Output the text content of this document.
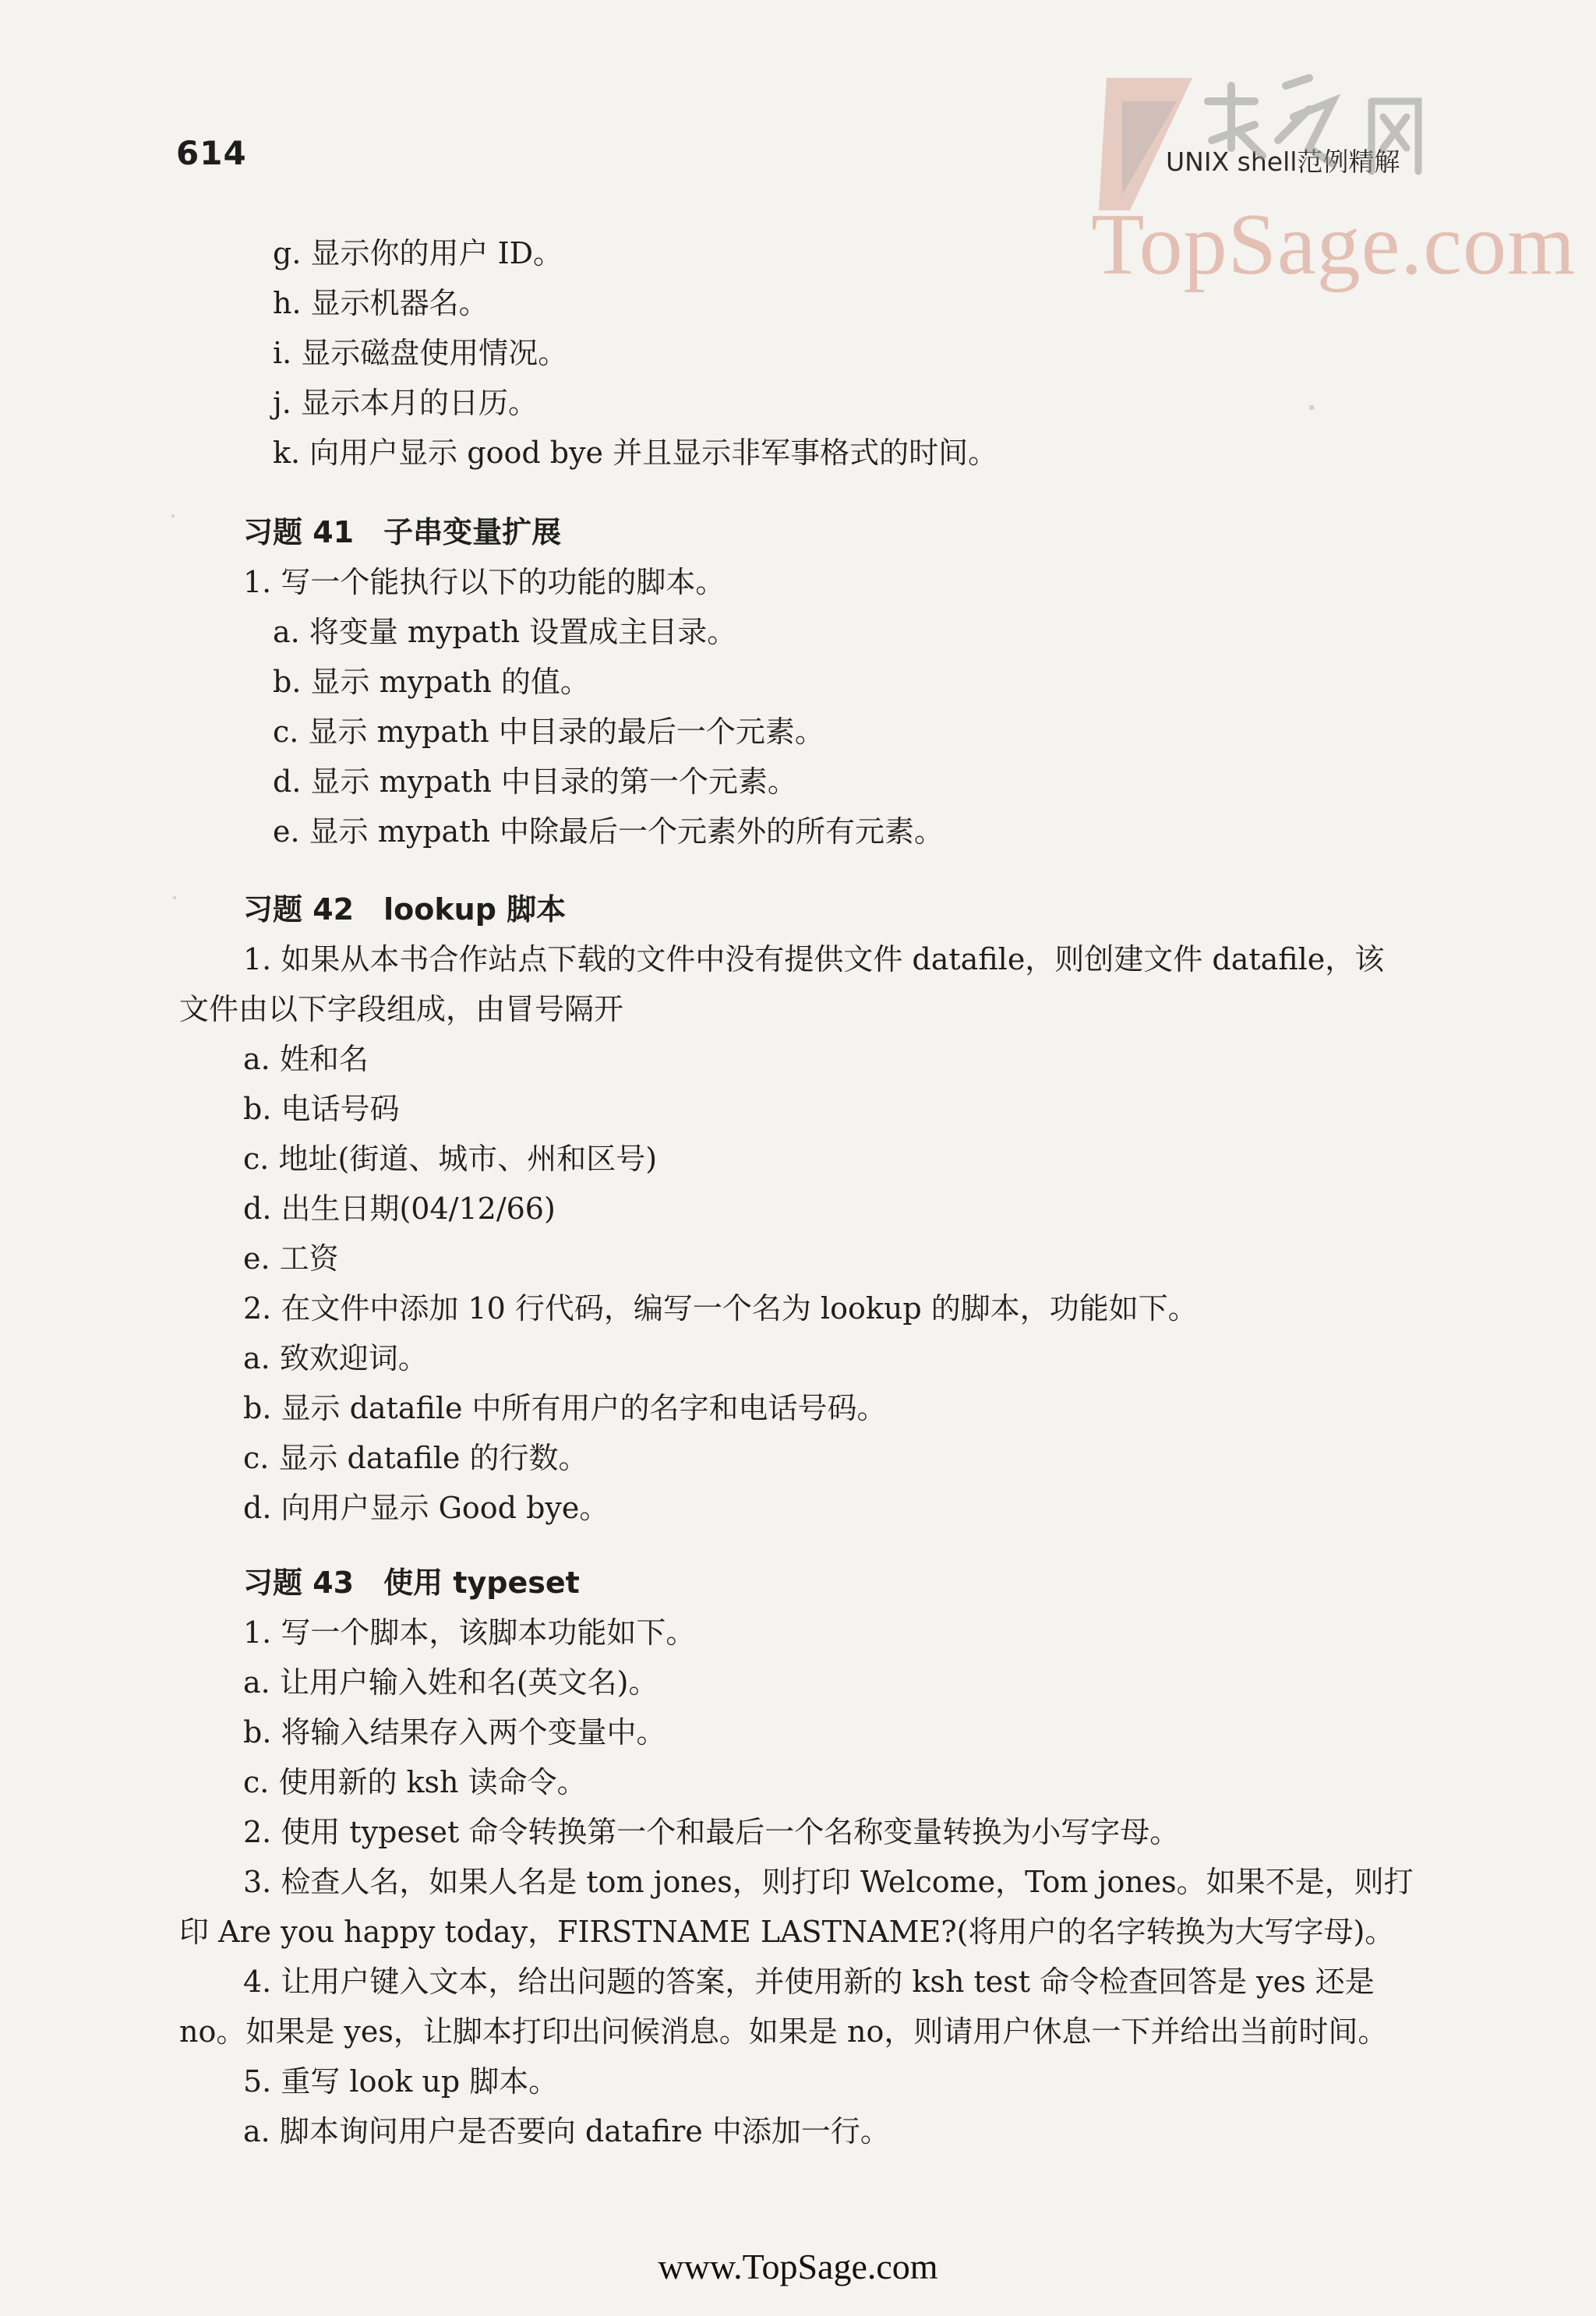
614	UNIX shell范例精解
TopSage.com
g. 显示你的用户 ID。
h. 显示机器名。
i. 显示磁盘使用情况。
j. 显示本月的日历。
k. 向用户显示 good bye 并且显示非军事格式的时间。
习题 41 子串变量扩展
1. 写一个能执行以下的功能的脚本。
a. 将变量 mypath 设置成主目录。
b. 显示 mypath 的值。
c. 显示 mypath 中目录的最后一个元素。
d. 显示 mypath 中目录的第一个元素。
e. 显示 mypath 中除最后一个元素外的所有元素。
习题 42 lookup 脚本
1. 如果从本书合作站点下载的文件中没有提供文件 datafile，则创建文件 datafile，该
文件由以下字段组成，由冒号隔开
a. 姓和名
b. 电话号码
c. 地址(街道、城市、州和区号)
d. 出生日期(04/12/66)
e. 工资
2. 在文件中添加 10 行代码，编写一个名为 lookup 的脚本，功能如下。
a. 致欢迎词。
b. 显示 datafile 中所有用户的名字和电话号码。
c. 显示 datafile 的行数。
d. 向用户显示 Good bye。
习题 43 使用 typeset
1. 写一个脚本，该脚本功能如下。
a. 让用户输入姓和名(英文名)。
b. 将输入结果存入两个变量中。
c. 使用新的 ksh 读命令。
2. 使用 typeset 命令转换第一个和最后一个名称变量转换为小写字母。
3. 检查人名，如果人名是 tom jones，则打印 Welcome，Tom jones。如果不是，则打
印 Are you happy today，FIRSTNAME LASTNAME?(将用户的名字转换为大写字母)。
4. 让用户键入文本，给出问题的答案，并使用新的 ksh test 命令检查回答是 yes 还是
no。如果是 yes，让脚本打印出问候消息。如果是 no，则请用户休息一下并给出当前时间。
5. 重写 look up 脚本。
a. 脚本询问用户是否要向 datafire 中添加一行。
www.TopSage.com
